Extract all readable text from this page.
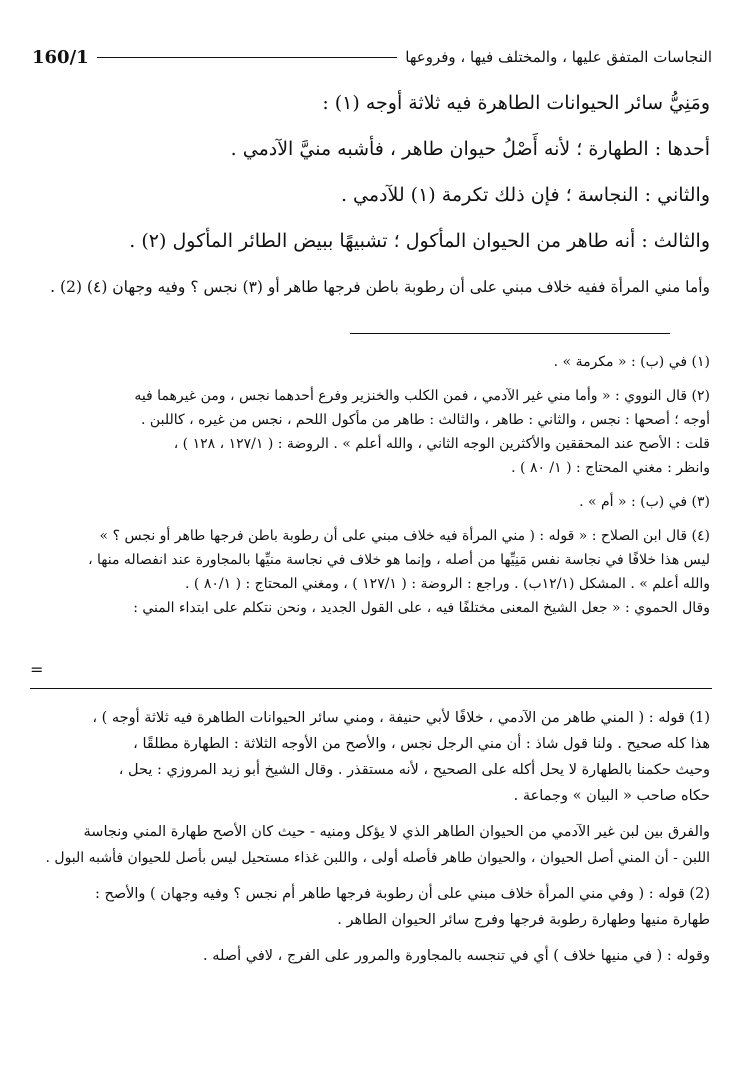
160/1	النجاسات المتفق عليها ، والمختلف فيها ، وفروعها
ومَنِيُّ سائر الحيوانات الطاهرة فيه ثلاثة أوجه (١) :
أحدها : الطهارة ؛ لأنه أَصْلُ حيوان طاهر ، فأشبه منيَّ الآدمي .
والثاني : النجاسة ؛ فإن ذلك تكرمة (١) للآدمي .
والثالث : أنه طاهر من الحيوان المأكول ؛ تشبيهًا ببيض الطائر المأكول (٢) .
وأما مني المرأة ففيه خلاف مبني على أن رطوبة باطن فرجها طاهر أو (٣) نجس ؟ وفيه وجهان (٤) (2) .
(١) في (ب) : « مكرمة » .
(٢) قال النووي : « وأما مني غير الآدمي ، فمن الكلب والخنزير وفرع أحدهما نجس ، ومن غيرهما فيه
أوجه ؛ أصحها : نجس ، والثاني : طاهر ، والثالث : طاهر من مأكول اللحم ، نجس من غيره ، كاللبن .
قلت : الأصح عند المحققين والأكثرين الوجه الثاني ، والله أعلم » . الروضة : ( ١٢٧/١ ، ١٢٨ ) ،
وانظر : مغني المحتاج : ( ١/ ٨٠ ) .
(٣) في (ب) : « أم » .
(٤) قال ابن الصلاح : « قوله : ( مني المرأة فيه خلاف مبني على أن رطوبة باطن فرجها طاهر أو نجس ؟ »
ليس هذا خلافًا في نجاسة نفس مَنِيِّها من أصله ، وإنما هو خلاف في نجاسة منيِّها بالمجاورة عند انفصاله منها ،
والله أعلم » . المشكل (١٢/١ب) . وراجع : الروضة : ( ١٢٧/١ ) ، ومغني المحتاج : ( ٨٠/١ ) .
وقال الحموي : « جعل الشيخ المعنى مختلفًا فيه ، على القول الجديد ، ونحن نتكلم على ابتداء المني :
=
(1) قوله : ( المني طاهر من الآدمي ، خلافًا لأبي حنيفة ، ومني سائر الحيوانات الطاهرة فيه ثلاثة أوجه ) ،
هذا كله صحيح . ولنا قول شاذ : أن مني الرجل نجس ، والأصح من الأوجه الثلاثة : الطهارة مطلقًا ،
وحيث حكمنا بالطهارة لا يحل أكله على الصحيح ، لأنه مستقذر . وقال الشيخ أبو زيد المروزي : يحل ،
حكاه صاحب « البيان » وجماعة .
والفرق بين لبن غير الآدمي من الحيوان الطاهر الذي لا يؤكل ومنيه - حيث كان الأصح طهارة المني ونجاسة
اللبن - أن المني أصل الحيوان ، والحيوان طاهر فأصله أولى ، واللبن غذاء مستحيل ليس بأصل للحيوان فأشبه البول .
(2) قوله : ( وفي مني المرأة خلاف مبني على أن رطوبة فرجها طاهر أم نجس ؟ وفيه وجهان ) والأصح :
طهارة منيها وطهارة رطوبة فرجها وفرج سائر الحيوان الطاهر .
وقوله : ( في منيها خلاف ) أي في تنجسه بالمجاورة والمرور على الفرج ، لافي أصله .
